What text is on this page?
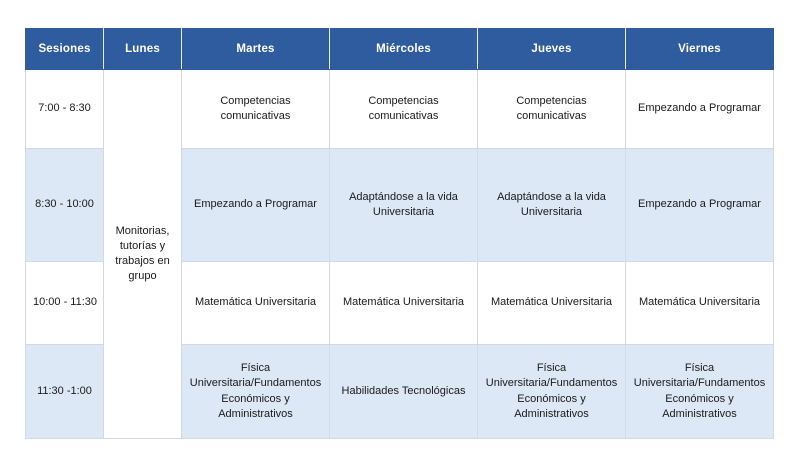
Sesiones	Lunes	Martes	Miércoles	Jueves	Viernes
7:00 - 8:30	Monitorias, tutorías y trabajos en grupo	Competencias comunicativas	Competencias comunicativas	Competencias comunicativas	Empezando a Programar
8:30 - 10:00		Empezando a Programar	Adaptándose a la vida Universitaria	Adaptándose a la vida Universitaria	Empezando a Programar
10:00 - 11:30		Matemática Universitaria	Matemática Universitaria	Matemática Universitaria	Matemática Universitaria
11:30 -1:00		Física Universitaria/Fundamentos Económicos y Administrativos	Habilidades Tecnológicas	Física Universitaria/Fundamentos Económicos y Administrativos	Física Universitaria/Fundamentos Económicos y Administrativos
